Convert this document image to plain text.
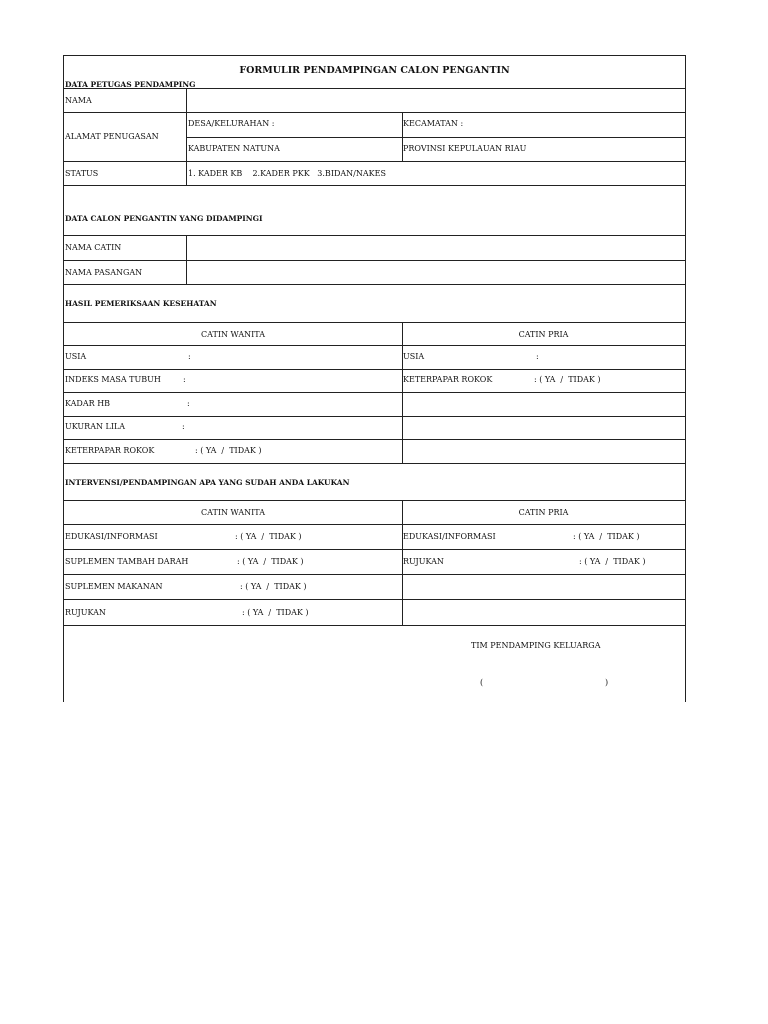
FORMULIR PENDAMPINGAN CALON PENGANTIN
DATA PETUGAS PENDAMPING
NAMA
ALAMAT PENUGASAN
DESA/KELURAHAN :	KECAMATAN :
KABUPATEN NATUNA	PROVINSI KEPULAUAN RIAU
STATUS	1. KADER KB    2.KADER PKK   3.BIDAN/NAKES
DATA CALON PENGANTIN YANG DIDAMPINGI
NAMA CATIN
NAMA PASANGAN
HASIL PEMERIKSAAN KESEHATAN
CATIN WANITA	CATIN PRIA
USIA	:	USIA	:
INDEKS MASA TUBUH	:	KETERPAPAR ROKOK	: ( YA  /  TIDAK )
KADAR HB	:
UKURAN LILA	:
KETERPAPAR ROKOK	: ( YA  /  TIDAK )
INTERVENSI/PENDAMPINGAN APA YANG SUDAH ANDA LAKUKAN
CATIN WANITA	CATIN PRIA
EDUKASI/INFORMASI	: ( YA  /  TIDAK )	EDUKASI/INFORMASI	: ( YA  /  TIDAK )
SUPLEMEN TAMBAH DARAH	: ( YA  /  TIDAK )	RUJUKAN	: ( YA  /  TIDAK )
SUPLEMEN MAKANAN	: ( YA  /  TIDAK )
RUJUKAN	: ( YA  /  TIDAK )
TIM PENDAMPING KELUARGA
(	)
